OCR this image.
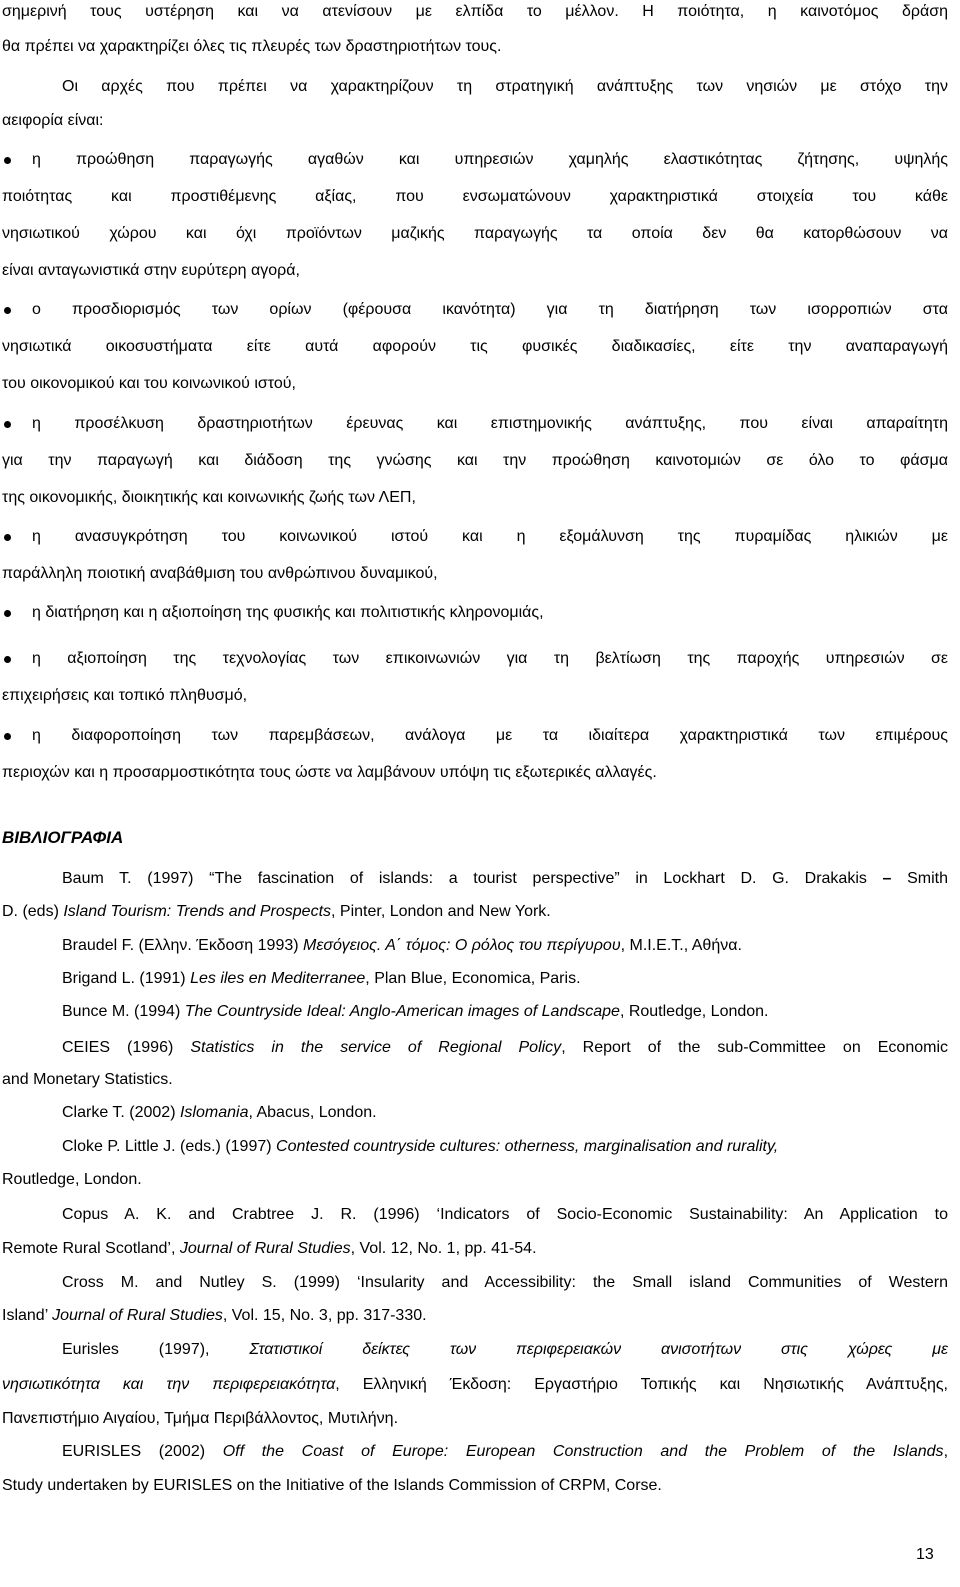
σημερινή τους υστέρηση και να ατενίσουν με ελπίδα το μέλλον. Η ποιότητα, η καινοτόμος δράση
θα πρέπει να χαρακτηρίζει όλες τις πλευρές των δραστηριοτήτων τους.
Οι αρχές που πρέπει να χαρακτηρίζουν τη στρατηγική ανάπτυξης των νησιών με στόχο την
αειφορία είναι:
η προώθηση παραγωγής αγαθών και υπηρεσιών χαμηλής ελαστικότητας ζήτησης, υψηλής
ποιότητας και προστιθέμενης αξίας, που ενσωματώνουν χαρακτηριστικά στοιχεία του κάθε
νησιωτικού χώρου και όχι προϊόντων μαζικής παραγωγής τα οποία δεν θα κατορθώσουν να
είναι ανταγωνιστικά στην ευρύτερη αγορά,
ο προσδιορισμός των ορίων (φέρουσα ικανότητα) για τη διατήρηση των ισορροπιών στα
νησιωτικά οικοσυστήματα είτε αυτά αφορούν τις φυσικές διαδικασίες, είτε την αναπαραγωγή
του οικονομικού και του κοινωνικού ιστού,
η προσέλκυση δραστηριοτήτων έρευνας και επιστημονικής ανάπτυξης, που είναι απαραίτητη
για την παραγωγή και διάδοση της γνώσης και την προώθηση καινοτομιών σε όλο το φάσμα
της οικονομικής, διοικητικής και κοινωνικής ζωής των ΛΕΠ,
η ανασυγκρότηση του κοινωνικού ιστού και η εξομάλυνση της πυραμίδας ηλικιών με
παράλληλη ποιοτική αναβάθμιση του ανθρώπινου δυναμικού,
η διατήρηση και η αξιοποίηση της φυσικής και πολιτιστικής κληρονομιάς,
η αξιοποίηση της τεχνολογίας των επικοινωνιών για τη βελτίωση της παροχής υπηρεσιών σε
επιχειρήσεις και τοπικό πληθυσμό,
η διαφοροποίηση των παρεμβάσεων, ανάλογα με τα ιδιαίτερα χαρακτηριστικά των επιμέρους
περιοχών και η προσαρμοστικότητα τους ώστε να λαμβάνουν υπόψη τις εξωτερικές αλλαγές.
ΒΙΒΛΙΟΓΡΑΦΙΑ
Baum T. (1997) “The fascination of islands: a tourist perspective” in Lockhart D. G. Drakakis – Smith
D. (eds) Island Tourism: Trends and Prospects, Pinter, London and New York.
Braudel F. (Ελλην. Έκδοση 1993) Μεσόγειος. Α΄ τόμος: Ο ρόλος του περίγυρου, Μ.Ι.Ε.Τ., Αθήνα.
Brigand L. (1991) Les iles en Mediterranee, Plan Blue, Economica, Paris.
Bunce M. (1994) The Countryside Ideal: Anglo-American images of Landscape, Routledge, London.
CEIES (1996) Statistics in the service of Regional Policy, Report of the sub-Committee on Economic
and Monetary Statistics.
Clarke T. (2002) Islomania, Abacus, London.
Cloke P. Little J. (eds.) (1997) Contested countryside cultures: otherness, marginalisation and rurality,
Routledge, London.
Copus A. K. and Crabtree J. R. (1996) ‘Indicators of Socio-Economic Sustainability: An Application to
Remote Rural Scotland’, Journal of Rural Studies, Vol. 12, No. 1, pp. 41-54.
Cross M. and Nutley S. (1999) ‘Insularity and Accessibility: the Small island Communities of Western
Island’ Journal of Rural Studies, Vol. 15, No. 3, pp. 317-330.
Eurisles (1997), Στατιστικοί δείκτες των περιφερειακών ανισοτήτων στις χώρες με
νησιωτικότητα και την περιφερειακότητα, Ελληνική Έκδοση: Εργαστήριο Τοπικής και Νησιωτικής Ανάπτυξης,
Πανεπιστήμιο Αιγαίου, Τμήμα Περιβάλλοντος, Μυτιλήνη.
EURISLES (2002) Off the Coast of Europe: European Construction and the Problem of the Islands,
Study undertaken by EURISLES on the Initiative of the Islands Commission of CRPM, Corse.
13
